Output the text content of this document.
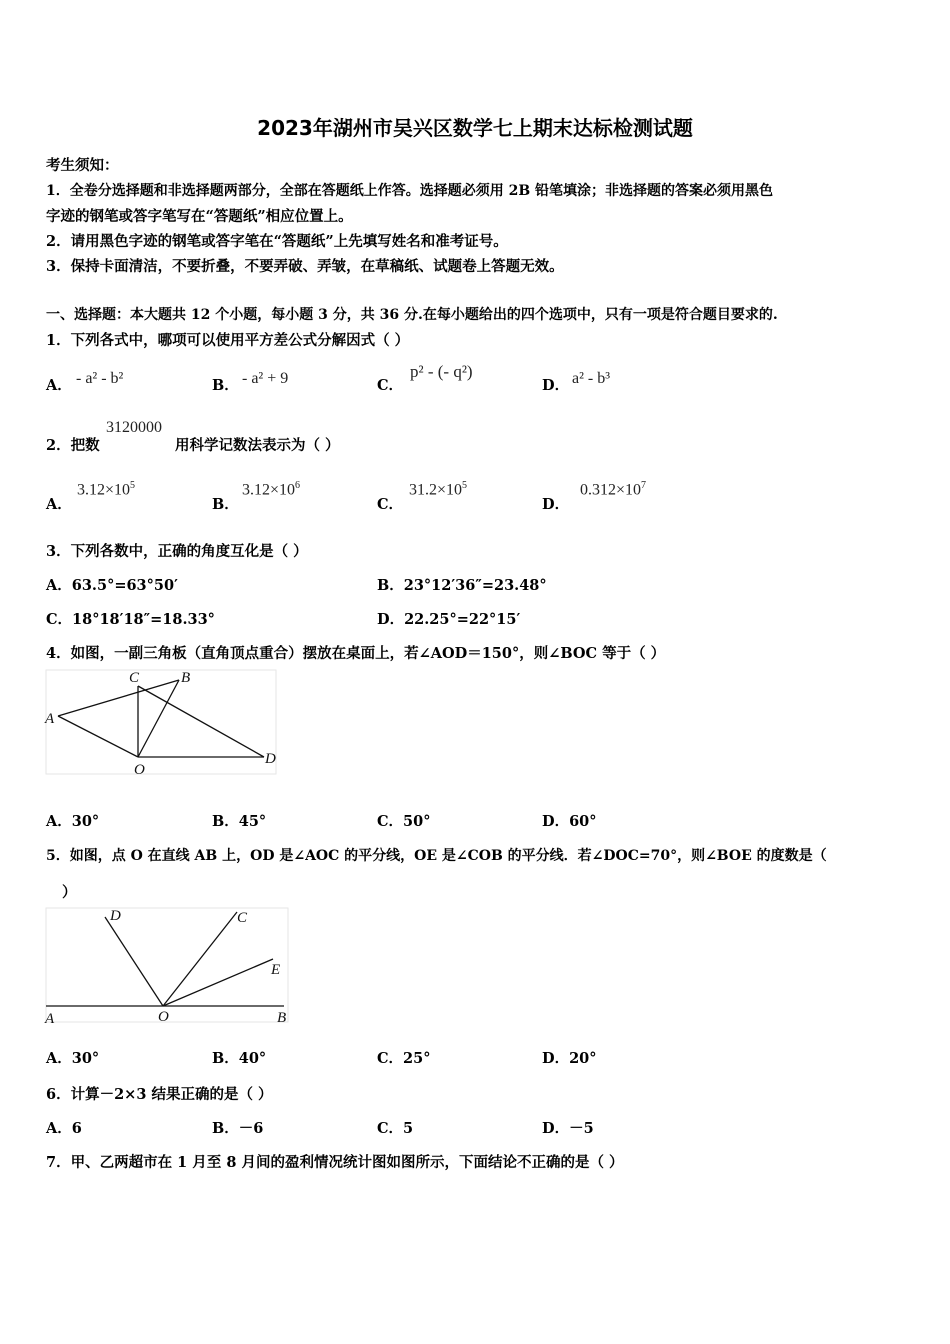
2023年湖州市吴兴区数学七上期末达标检测试题
考生须知：
1．全卷分选择题和非选择题两部分，全部在答题纸上作答。选择题必须用 2B 铅笔填涂；非选择题的答案必须用黑色
字迹的钢笔或答字笔写在“答题纸”相应位置上。
2．请用黑色字迹的钢笔或答字笔在“答题纸”上先填写姓名和准考证号。
3．保持卡面清洁，不要折叠，不要弄破、弄皱，在草稿纸、试题卷上答题无效。
一、选择题：本大题共 12 个小题，每小题 3 分，共 36 分.在每小题给出的四个选项中，只有一项是符合题目要求的.
1．下列各式中，哪项可以使用平方差公式分解因式（ ）
A． - a² - b²	B． - a² + 9	C．
p² - (- q²)
D． a² - b³
2．把数
3120000
用科学记数法表示为（ ）
A．
$3.12\times 10^5$
B．
$3.12\times 10^6$
C．
$31.2\times 10^5$
D．
$0.312\times 10^7$
3．下列各数中，正确的角度互化是（ ）
A．63.5°=63°50′	B．23°12′36″=23.48°
C．18°18′18″=18.33°	D．22.25°=22°15′
4．如图，一副三角板（直角顶点重合）摆放在桌面上，若∠AOD＝150°，则∠BOC 等于（ ）
A
B
C
D
O
A．30°	B．45°	C．50°	D．60°
5．如图，点 O 在直线 AB 上，OD 是∠AOC 的平分线，OE 是∠COB 的平分线．若∠DOC=70°，则∠BOE 的度数是（
）
D	C
E
A	O	B
A．30°	B．40°	C．25°	D．20°
6．计算－2×3 结果正确的是（ ）
A．6	B．－6	C．5	D．－5
7．甲、乙两超市在 1 月至 8 月间的盈利情况统计图如图所示，下面结论不正确的是（ ）
